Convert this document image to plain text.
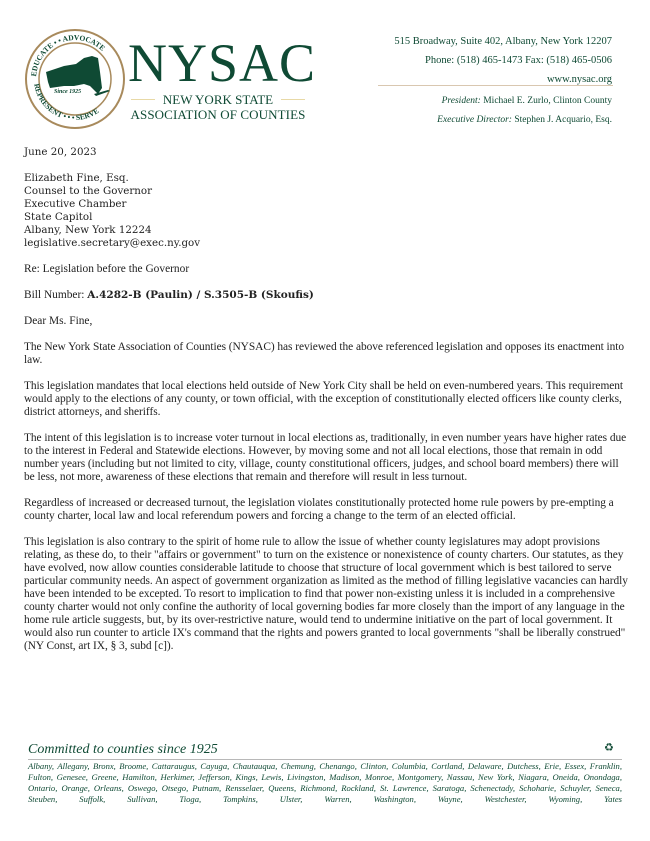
EDUCATE • • ADVOCATE
REPRESENT • • • SERVE
Since 1925 NYSAC
NEW YORK STATE
ASSOCIATION OF COUNTIES
515 Broadway, Suite 402, Albany, New York 12207
Phone: (518) 465-1473 Fax: (518) 465-0506
www.nysac.org
President: Michael E. Zurlo, Clinton County
Executive Director: Stephen J. Acquario, Esq.

June 20, 2023

Elizabeth Fine, Esq.

Counsel to the Governor

Executive Chamber

State Capitol

Albany, New York 12224

legislative.secretary@exec.ny.gov

Re: Legislation before the Governor

Bill Number: A.4282-B (Paulin) / S.3505-B (Skoufis)

Dear Ms. Fine,

The New York State Association of Counties (NYSAC) has reviewed the above referenced legislation and opposes its enactment into law.

This legislation mandates that local elections held outside of New York City shall be held on even-numbered years. This requirement would apply to the elections of any county, or town official, with the exception of constitutionally elected officers like county clerks, district attorneys, and sheriffs.

The intent of this legislation is to increase voter turnout in local elections as, traditionally, in even number years have higher rates due to the interest in Federal and Statewide elections. However, by moving some and not all local elections, those that remain in odd number years (including but not limited to city, village, county constitutional officers, judges, and school board members) there will be less, not more, awareness of these elections that remain and therefore will result in less turnout.

Regardless of increased or decreased turnout, the legislation violates constitutionally protected home rule powers by pre-empting a county charter, local law and local referendum powers and forcing a change to the term of an elected official.

This legislation is also contrary to the spirit of home rule to allow the issue of whether county legislatures may adopt provisions relating, as these do, to their "affairs or government" to turn on the existence or nonexistence of county charters. Our statutes, as they have evolved, now allow counties considerable latitude to choose that structure of local government which is best tailored to serve particular community needs. An aspect of government organization as limited as the method of filling legislative vacancies can hardly have been intended to be excepted. To resort to implication to find that power non-existing unless it is included in a comprehensive county charter would not only confine the authority of local governing bodies far more closely than the import of any language in the home rule article suggests, but, by its over-restrictive nature, would tend to undermine initiative on the part of local government. It would also run counter to article IX's command that the rights and powers granted to local governments "shall be liberally construed" (NY Const, art IX, § 3, subd [c]).

Committed to counties since 1925	♻
Albany, Allegany, Bronx, Broome, Cattaraugus, Cayuga, Chautauqua, Chemung, Chenango, Clinton, Columbia, Cortland, Delaware, Dutchess, Erie, Essex, Franklin, Fulton, Genesee, Greene, Hamilton, Herkimer, Jefferson, Kings, Lewis, Livingston, Madison, Monroe, Montgomery, Nassau, New York, Niagara, Oneida, Onondaga, Ontario, Orange, Orleans, Oswego, Otsego, Putnam, Rensselaer, Queens, Richmond, Rockland, St. Lawrence, Saratoga, Schenectady, Schoharie, Schuyler, Seneca, Steuben, Suffolk, Sullivan, Tioga, Tompkins, Ulster, Warren, Washington, Wayne, Westchester, Wyoming, Yates
